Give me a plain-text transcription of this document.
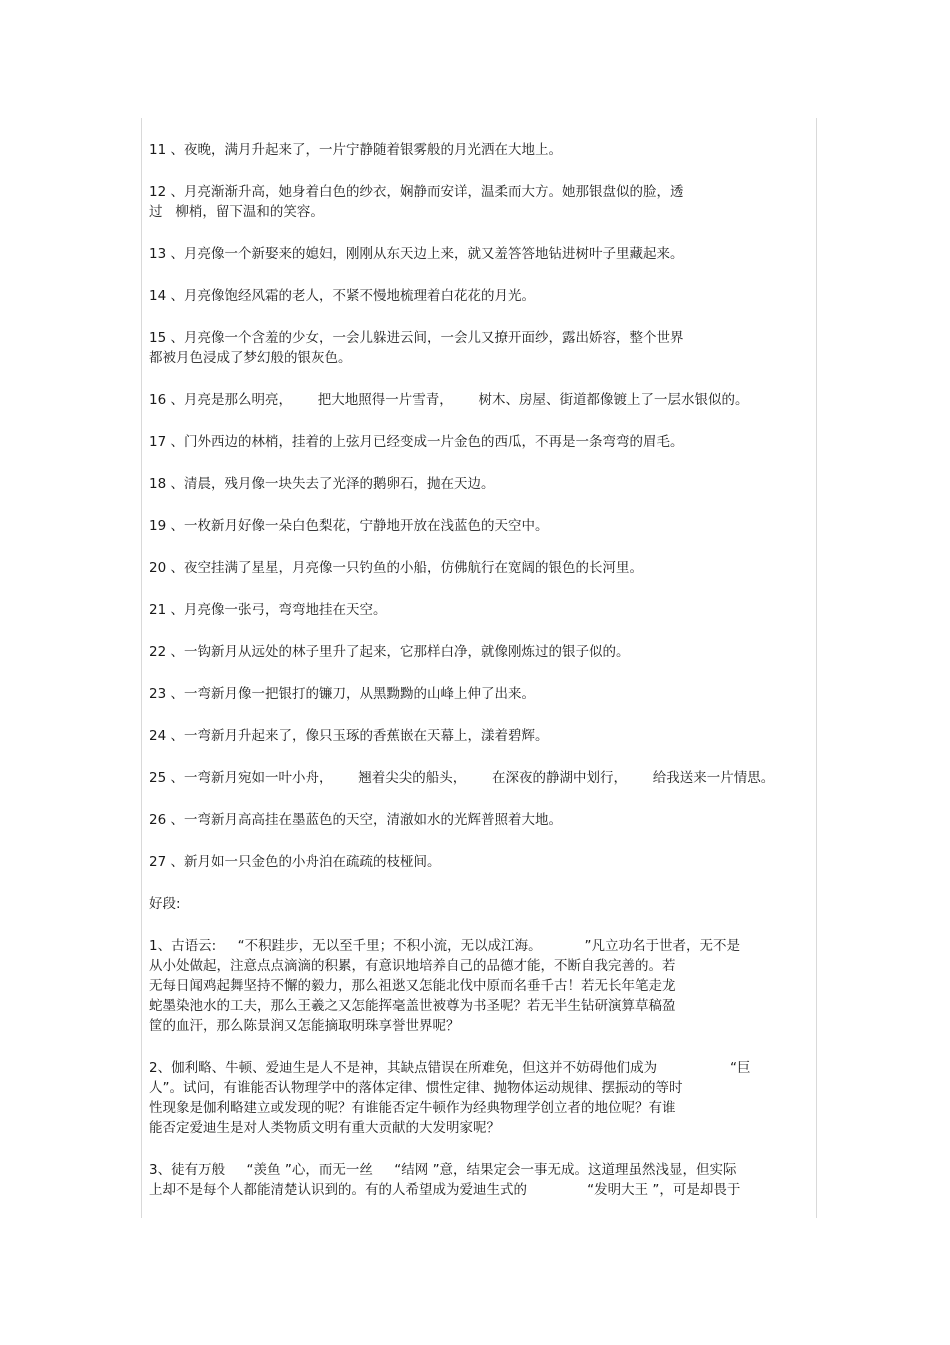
11 、夜晚，满月升起来了，一片宁静随着银雾般的月光洒在大地上。
12 、月亮渐渐升高，她身着白色的纱衣，娴静而安详，温柔而大方。她那银盘似的脸，透
过   柳梢，留下温和的笑容。
13 、月亮像一个新娶来的媳妇，刚刚从东天边上来，就又羞答答地钻进树叶子里藏起来。
14 、月亮像饱经风霜的老人，不紧不慢地梳理着白花花的月光。
15 、月亮像一个含羞的少女，一会儿躲进云间，一会儿又撩开面纱，露出娇容，整个世界
都被月色浸成了梦幻般的银灰色。
16 、月亮是那么明亮，      把大地照得一片雪青，      树木、房屋、街道都像镀上了一层水银似的。
17 、门外西边的林梢，挂着的上弦月已经变成一片金色的西瓜，不再是一条弯弯的眉毛。
18 、清晨，残月像一块失去了光泽的鹅卵石，抛在天边。
19 、一枚新月好像一朵白色梨花，宁静地开放在浅蓝色的天空中。
20 、夜空挂满了星星，月亮像一只钓鱼的小船，仿佛航行在宽阔的银色的长河里。
21 、月亮像一张弓，弯弯地挂在天空。
22 、一钩新月从远处的林子里升了起来，它那样白净，就像刚炼过的银子似的。
23 、一弯新月像一把银打的镰刀，从黑黝黝的山峰上伸了出来。
24 、一弯新月升起来了，像只玉琢的香蕉嵌在天幕上，漾着碧辉。
25 、一弯新月宛如一叶小舟，      翘着尖尖的船头，      在深夜的静湖中划行，      给我送来一片情思。
26 、一弯新月高高挂在墨蓝色的天空，清澈如水的光辉普照着大地。
27 、新月如一只金色的小舟泊在疏疏的枝桠间。
好段:
1、古语云:     “不积跬步，无以至千里；不积小流，无以成江海。          ”凡立功名于世者，无不是
从小处做起，注意点点滴滴的积累，有意识地培养自己的品德才能，不断自我完善的。若
无每日闻鸡起舞坚持不懈的毅力，那么祖逖又怎能北伐中原而名垂千古！若无长年笔走龙
蛇墨染池水的工夫，那么王羲之又怎能挥毫盖世被尊为书圣呢？若无半生钻研演算草稿盈
筐的血汗，那么陈景润又怎能摘取明珠享誉世界呢？
2、伽利略、牛顿、爱迪生是人不是神，其缺点错误在所难免，但这并不妨碍他们成为                 “巨
人”。试问，有谁能否认物理学中的落体定律、惯性定律、抛物体运动规律、摆振动的等时
性现象是伽利略建立或发现的呢？有谁能否定牛顿作为经典物理学创立者的地位呢？有谁
能否定爱迪生是对人类物质文明有重大贡献的大发明家呢？
3、徒有万般     “羡鱼 ”心，而无一丝     “结网 ”意，结果定会一事无成。这道理虽然浅显，但实际
上却不是每个人都能清楚认识到的。有的人希望成为爱迪生式的              “发明大王 ”，可是却畏于
